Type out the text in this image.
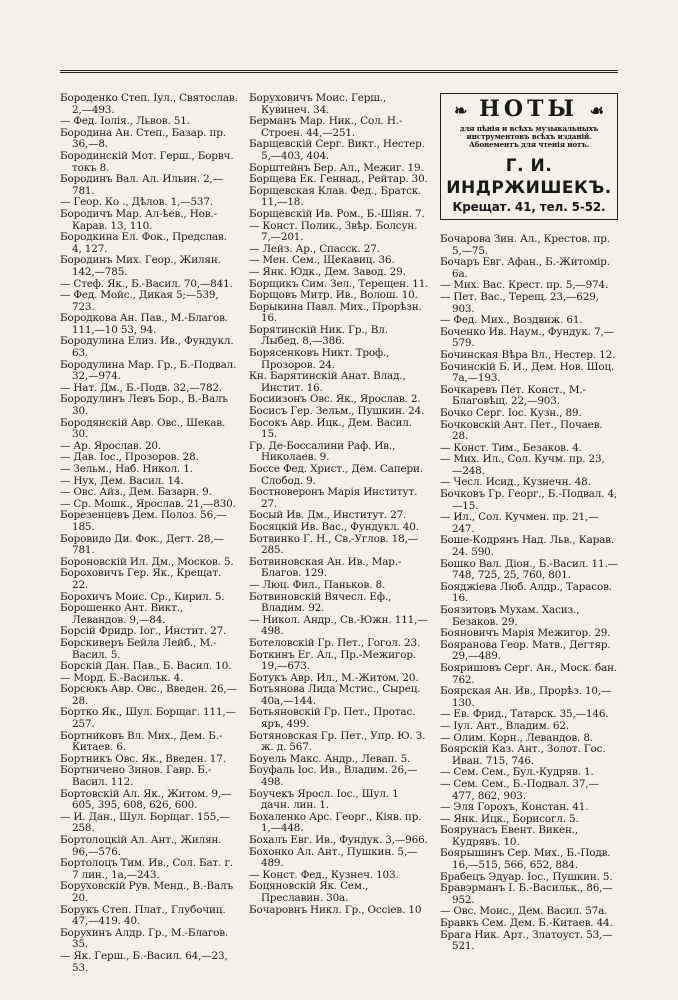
Бороденко Степ. Іул., Святослав. 2,—493.

— Фед. Іолія., Львов. 51.

Бородина Ан. Степ., Базар. пр. 36,—8.

Бородинскій Мот. Герш., Борвч. токъ 8.

Бородинъ Вал. Ал. Ильин. 2,—781.

— Геор. Ко ., Дѣлов. 1,—537.

Бородичъ Мар. Ал-ѣев., Нов.-Карав. 13, 110.

Бородкина Ел. Фок., Предслав. 4, 127.

Бородинъ Мих. Геор., Жилян. 142,—785.

— Стеф. Як., Б.-Васил. 70,—841.

— Фед. Мойс., Дикая 5;—539, 723.

Бородкова Ан. Пав., М.-Благов. 111,—10 53, 94.

Бородулина Елиз. Ив., Фундукл. 63.

Бородулина Мар. Гр., Б.-Подвал. 32,—974.

— Нат. Дм., Б.-Подв. 32,—782.

Бородулинъ Левъ Бор., В.-Валъ 30.

Бородянскій Авр. Овс., Шекав. 30.

— Ар. Ярослав. 20.

— Дав. Іос., Прозоров. 28.

— Зельм., Наб. Никол. 1.

— Нух, Дем. Васил. 14.

— Овс. Айз., Дем. Базарн. 9.

— Ср. Мошк., Ярослав. 21,—830.

Борезенцевъ Дем. Полоз. 56,—185.

Боровидо Ди. Фок., Дегт. 28,— 781.

Бороновскій Ил. Дм., Москов. 5.

Бороховичъ Гер. Як., Крещат. 22.

Борохичъ Моис. Ср., Кирил. 5.

Борошенко Ант. Викт., Левандов. 9,—84.

Борсій Фридр. Іог., Инстит. 27.

Борскиверъ Бейла Лейб., М.- Васил. 5.

Борскій Дан. Пав., Б. Васил. 10.

— Морд. Б.-Васильк. 4.

Борсюкъ Авр. Овс., Введен. 26,— 28.

Бортко Як., Шул. Борщаг. 111,— 257.

Бортниковъ Вл. Мих., Дем. Б.- Китаев. 6.

Бортникъ Овс. Як., Введен. 17.

Бортничено Зинов. Гавр. Б.- Васил. 112.

Бортовскій Ал. Як., Житом. 9,— 605, 395, 608, 626, 600.

— И. Дан., Шул. Борщаг. 155,— 258.

Бортолоцкій Ал. Ант., Жилян. 96,—576.

Бортолоцъ Тим. Ив., Сол. Бат. г. 7 лин., 1а,—243.

Боруховскій Рув. Менд., В.-Валъ 20.

Борукъ Степ. Плат., Глубочиц. 47,—419. 40.

Борухинъ Алдр. Гр., М.-Благов. 35.

— Як. Герш., Б.-Васил. 64,—23, 53.

Боруховичъ Моис. Герш., Кувинеч. 34.

Берманъ Мар. Ник., Сол. Н.- Строен. 44,—251.

Барщевскій Серг. Викт., Нестер. 5,—403, 404.

Борштейнъ Бер. Ал., Межиг. 19.

Борщева Ек. Геннад., Рейтар. 30.

Борщевская Клав. Фед., Братск. 11,—18.

Борщевскій Ив. Ром., Б.-Шіян. 7.

— Конст. Полик., Звѣр. Болсун. 7,—201.

— Лейз. Ар., Спасск. 27.

— Мен. Сем., Щекавиц. 36.

— Янк. Юдк., Дем. Завод. 29.

Борщикъ Сим. Зел., Терещен. 11.

Борщовъ Митр. Ив., Волош. 10.

Борыкина Павл. Мих., Прорѣзн. 16.

Борятинскій Ник. Гр., Вл. Лыбед. 8,—386.

Борясенковъ Никт. Троф., Прозоров. 24.

Кн. Барятинскій Анат. Влад., Инстит. 16.

Босиизонъ Овс. Як., Ярослав. 2.

Босисъ Гер. Зельм., Пушкин. 24.

Босокъ Авр. Ицк., Дем. Васил. 15.

Гр. Де-Боссалини Раф. Ив., Николаев. 9.

Боссе Фед. Христ., Дем. Сапери. Слобод. 9.

Бостноверонъ Марія Институт. 27.

Босый Ив. Дм., Институт. 27.

Босяцкій Ив. Вас., Фундукл. 40.

Ботвинко Г. Н., Св.-Углов. 18,— 285.

Ботвиновская Ан. Ив., Мар.-Благов. 129.

— Люц. Фил., Паньков. 8.

Ботвиновскій Вячесл. Еф., Владим. 92.

— Никол. Андр., Св.-Южн. 111,— 498.

Ботеловскій Гр. Пет., Гогол. 23.

Боткинъ Ег. Ал., Пр.-Межигор. 19,—673.

Ботукъ Авр. Ил., М.-Житом. 20.

Ботьянова Лида Мстис., Сырец. 40а,—144.

Ботьяновскій Гр. Пет., Протас. яръ, 499.

Ботяновская Гр. Пет., Упр. Ю. З. ж. д. 567.

Боуель Макс. Андр., Левап. 5.

Боуфаль Іос. Ив., Владим. 26,— 498.

Боучекъ Яросл. Іос., Шул. 1 дачн. лин. 1.

Бохаленко Арс. Георг., Кіяв. пр. 1,—448.

Бохалъ Евг. Ив., Фундук. 3,—966.

Бохонко Ал. Ант., Пушкин. 5,— 489.

— Конст. Фед., Кузнеч. 103.

Боцяновскій Як. Сем., Преславин. 30а.

Бочаровнъ Никл. Гр., Оссіев. 10

❧ НОТЫ ☙
для пѣнія и всѣхъ музыкальныхъ инструментовъ всѣхъ изданій. Абонементъ для чтенія нотъ.
Г. И. ИНДРЖИШЕКЪ.
Крещат. 41, тел. 5-52.

Бочарова Зин. Ал., Крестов. пр. 5,—75.

Бочаръ Евг. Афан., Б.-Житомір. 6а.

— Мих. Вас. Крест. пр. 5,—974.

— Пет. Вас., Терещ. 23,—629, 903.

— Фед. Мих., Воздвиж. 61.

Боченко Ив. Наум., Фундук. 7,— 579.

Бочинская Вѣра Вл., Нестер. 12.

Бочинскій Б. И., Дем. Нов. Шоц. 7а,—193.

Бочкаревъ Пет. Конст., М.-Благовѣщ. 22,—903.

Бочко Серг. Іос. Кузн., 89.

Бочковскій Ант. Пет., Почаев. 28.

— Конст. Тим., Безаков. 4.

— Мих. Ил., Сол. Кучм. пр. 23, —248.

— Чесл. Исид., Кузнечн. 48.

Бочковъ Гр. Георг., Б.-Подвал. 4, —15.

— Ил., Сол. Кучмен. пр. 21,— 247.

Боше-Кодрянъ Над. Льв., Карав. 24. 590.

Бошко Вал. Діон., Б.-Васил. 11.— 748, 725, 25, 760, 801.

Бояджіева Люб. Алдр., Тарасов. 16.

Боязитовъ Мухам. Хасиз., Безаков. 29.

Бояновичъ Марія Межигор. 29.

Бояранова Геор. Матв., Дегтяр. 29,—489.

Бояришовъ Серг. Ан., Моск. бан. 762.

Боярская Ан. Ив., Прорѣз. 10,— 130.

— Ев. Фрид., Татарск. 35,—146.

— Іул. Ант., Владим. 62.

— Олим. Корн., Левандов. 8.

Боярскій Каз. Ант., Золот. Гос. Иван. 715, 746.

— Сем. Сем., Бул.-Кудряв. 1.

— Сем. Сем., Б.-Подвал. 37,— 477, 862, 903.

— Эля Горохъ, Констан. 41.

— Янк. Ицк., Борисогл. 5.

Боярунасъ Евент. Викен., Кудрявъ. 10.

Боярышинъ Сер. Мих., Б.-Подв. 16,—515, 566, 652, 884.

Брабецъ Эдуар. Іос., Пушкин. 5.

Бравэрманъ І. Б.-Васильк., 86,— 952.

— Овс. Моис., Дем. Васил. 57а.

Бравкъ Сем. Дем. Б.-Китаев. 44.

Брага Ник. Арт., Златоуст. 53,— 521.
